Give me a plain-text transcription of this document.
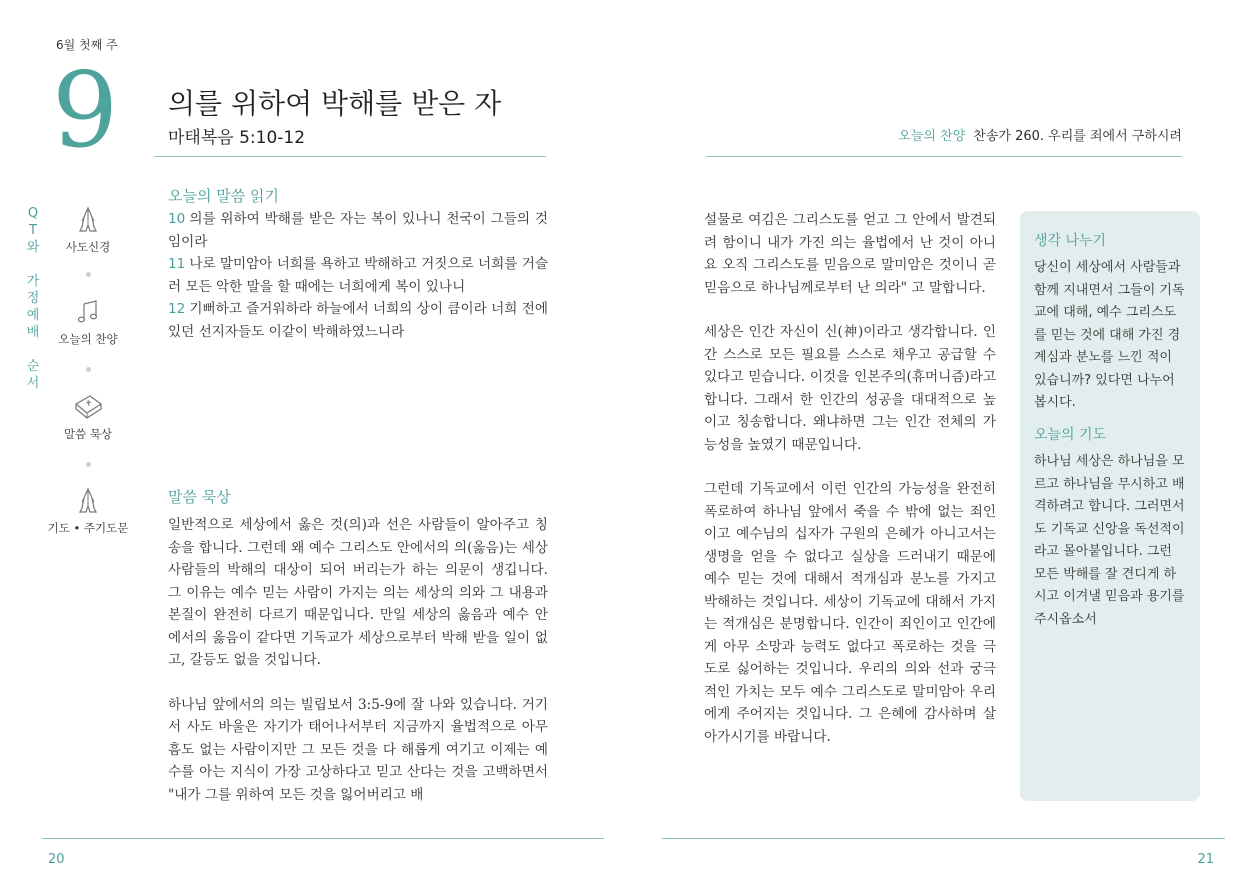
6월 첫째 주
9 의를 위하여 박해를 받은 자
마태복음 5:10-12	오늘의 찬양 찬송가 260. 우리를 죄에서 구하시려
Q
T
와
가
정
예
배
순
서
사도신경
오늘의 찬양
말씀 묵상
기도 • 주기도문
오늘의 말씀 읽기
10 의를 위하여 박해를 받은 자는 복이 있나니 천국이 그들의 것임이라
11 나로 말미암아 너희를 욕하고 박해하고 거짓으로 너희를 거슬러 모든 악한 말을 할 때에는 너희에게 복이 있나니
12 기뻐하고 즐거워하라 하늘에서 너희의 상이 큼이라 너희 전에 있던 선지자들도 이같이 박해하였느니라
말씀 묵상

일반적으로 세상에서 옳은 것(의)과 선은 사람들이 알아주고 칭송을 합니다. 그런데 왜 예수 그리스도 안에서의 의(옳음)는 세상 사람들의 박해의 대상이 되어 버리는가 하는 의문이 생깁니다. 그 이유는 예수 믿는 사람이 가지는 의는 세상의 의와 그 내용과 본질이 완전히 다르기 때문입니다. 만일 세상의 옳음과 예수 안에서의 옳음이 같다면 기독교가 세상으로부터 박해 받을 일이 없고, 갈등도 없을 것입니다.

하나님 앞에서의 의는 빌립보서 3:5-9에 잘 나와 있습니다. 거기서 사도 바울은 자기가 태어나서부터 지금까지 율법적으로 아무 흠도 없는 사람이지만 그 모든 것을 다 해롭게 여기고 이제는 예수를 아는 지식이 가장 고상하다고 믿고 산다는 것을 고백하면서 "내가 그를 위하여 모든 것을 잃어버리고 배

설물로 여김은 그리스도를 얻고 그 안에서 발견되려 함이니 내가 가진 의는 율법에서 난 것이 아니요 오직 그리스도를 믿음으로 말미암은 것이니 곧 믿음으로 하나님께로부터 난 의라" 고 말합니다.

세상은 인간 자신이 신(神)이라고 생각합니다. 인간 스스로 모든 필요를 스스로 채우고 공급할 수 있다고 믿습니다. 이것을 인본주의(휴머니즘)라고 합니다. 그래서 한 인간의 성공을 대대적으로 높이고 칭송합니다. 왜냐하면 그는 인간 전체의 가능성을 높였기 때문입니다.

그런데 기독교에서 이런 인간의 가능성을 완전히 폭로하여 하나님 앞에서 죽을 수 밖에 없는 죄인이고 예수님의 십자가 구원의 은혜가 아니고서는 생명을 얻을 수 없다고 실상을 드러내기 때문에 예수 믿는 것에 대해서 적개심과 분노를 가지고 박해하는 것입니다. 세상이 기독교에 대해서 가지는 적개심은 분명합니다. 인간이 죄인이고 인간에게 아무 소망과 능력도 없다고 폭로하는 것을 극도로 싫어하는 것입니다. 우리의 의와 선과 궁극적인 가치는 모두 예수 그리스도로 말미암아 우리에게 주어지는 것입니다. 그 은혜에 감사하며 살아가시기를 바랍니다.

생각 나누기
당신이 세상에서 사람들과 함께 지내면서 그들이 기독교에 대해, 예수 그리스도를 믿는 것에 대해 가진 경계심과 분노를 느낀 적이 있습니까? 있다면 나누어 봅시다.
오늘의 기도
하나님 세상은 하나님을 모르고 하나님을 무시하고 배격하려고 합니다. 그러면서도 기독교 신앙을 독선적이라고 몰아붙입니다. 그런 모든 박해를 잘 견디게 하시고 이겨낼 믿음과 용기를 주시옵소서
20	21
